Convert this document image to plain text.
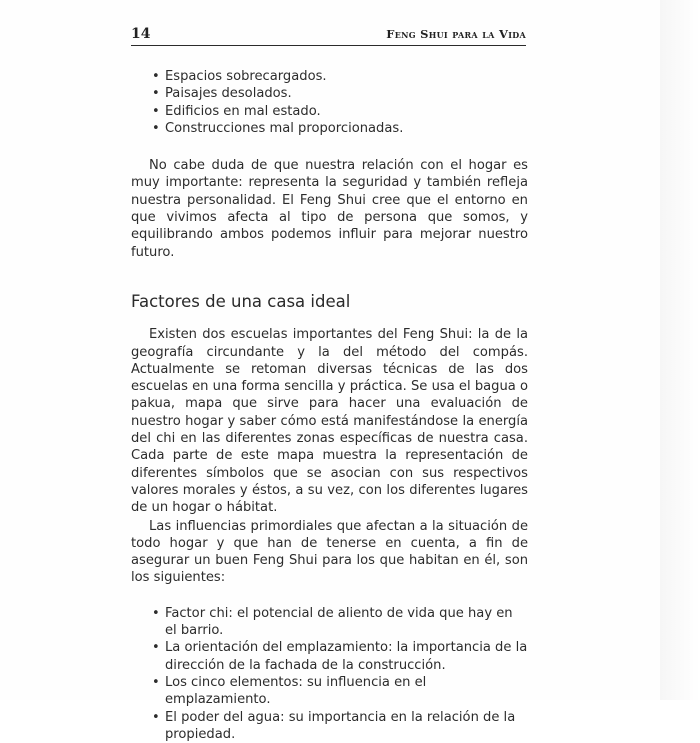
14	Feng Shui para la Vida
• Espacios sobrecargados.
• Paisajes desolados.
• Edificios en mal estado.
• Construcciones mal proporcionadas.

No cabe duda de que nuestra relación con el hogar es muy importante: representa la seguridad y también refleja nuestra personalidad. El Feng Shui cree que el entorno en que vivimos afecta al tipo de persona que somos, y equilibrando ambos podemos influir para mejorar nuestro futuro.

Factores de una casa ideal

Existen dos escuelas importantes del Feng Shui: la de la geografía circundante y la del método del compás. Actualmente se retoman diversas técnicas de las dos escuelas en una forma sencilla y práctica. Se usa el bagua o pakua, mapa que sirve para hacer una evaluación de nuestro hogar y saber cómo está manifestándose la energía del chi en las diferentes zonas específicas de nuestra casa. Cada parte de este mapa muestra la representación de diferentes símbolos que se asocian con sus respectivos valores morales y éstos, a su vez, con los diferentes lugares de un hogar o hábitat.

Las influencias primordiales que afectan a la situación de todo hogar y que han de tenerse en cuenta, a fin de asegurar un buen Feng Shui para los que habitan en él, son los siguientes:

• Factor chi: el potencial de aliento de vida que hay en el barrio.
• La orientación del emplazamiento: la importancia de la dirección de la fachada de la construcción.
• Los cinco elementos: su influencia en el emplazamiento.
• El poder del agua: su importancia en la relación de la propiedad.
